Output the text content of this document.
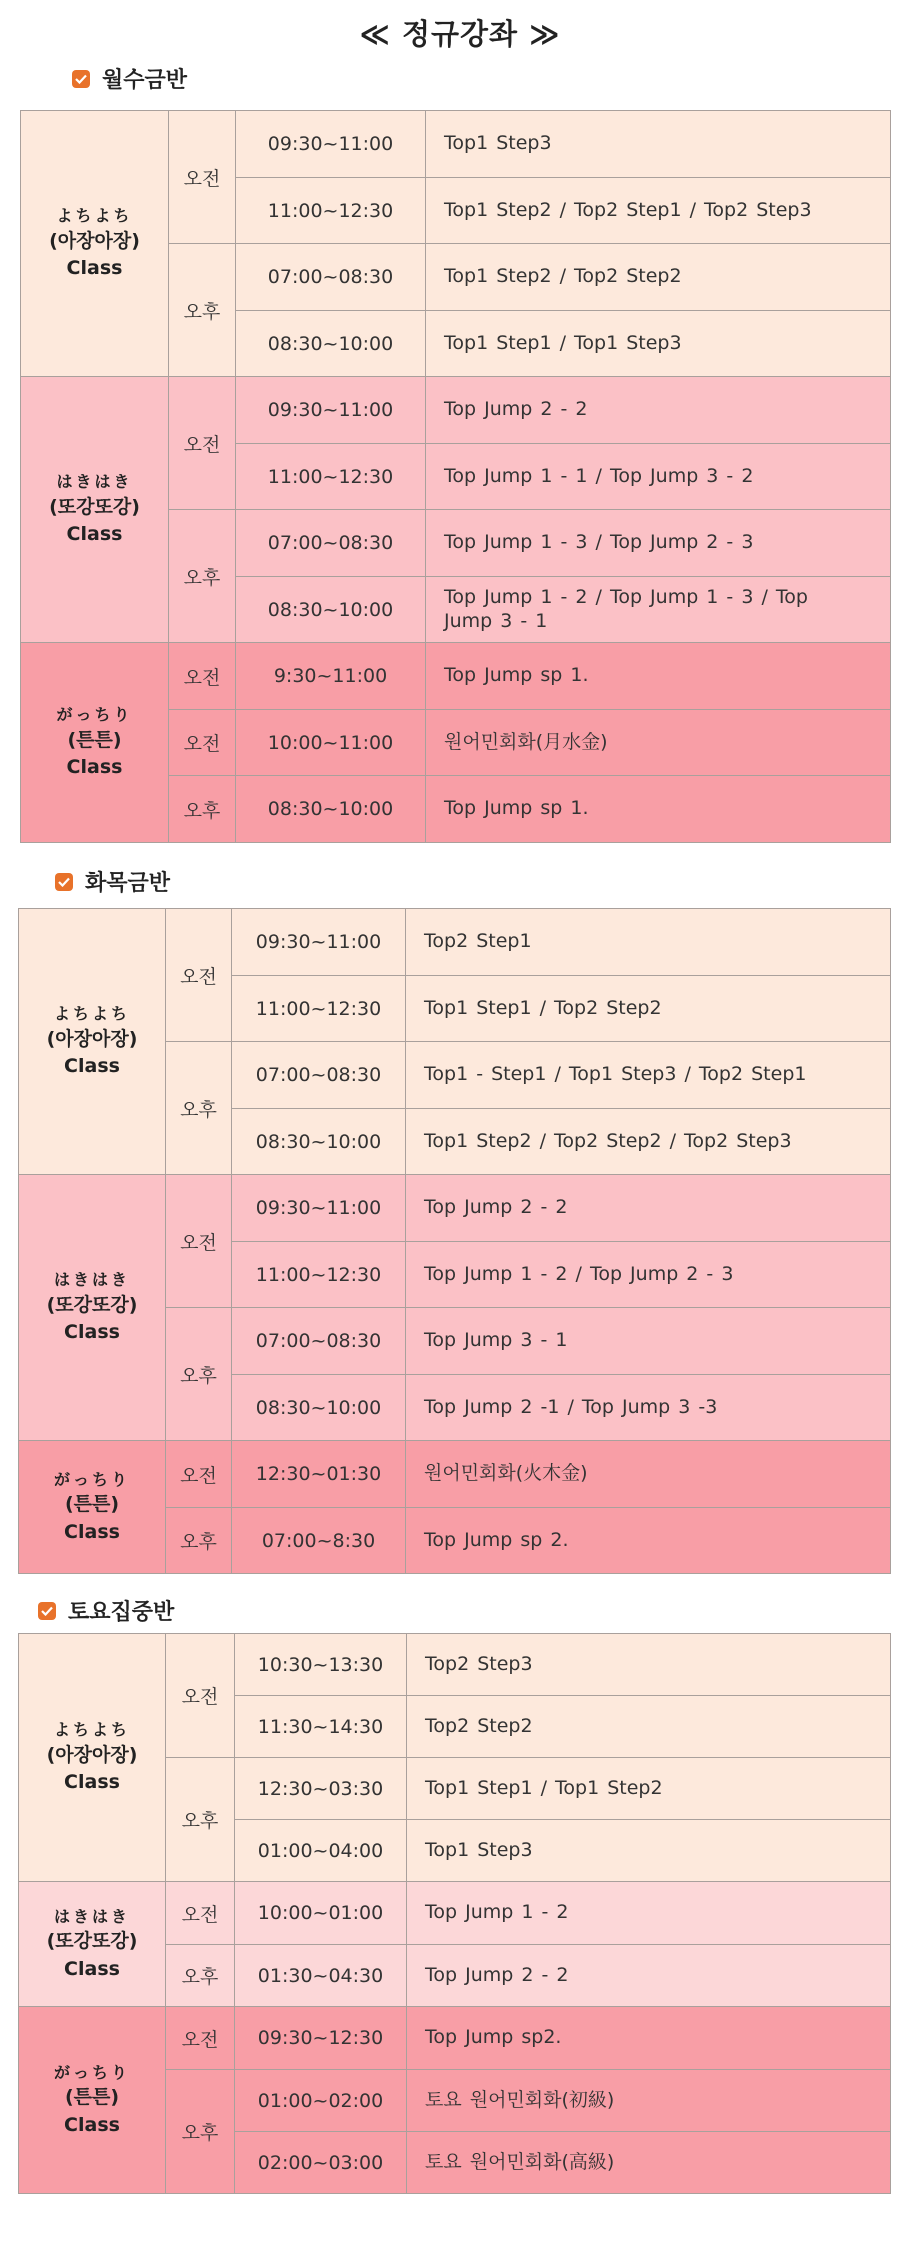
≪ 정규강좌 ≫
월수금반
よちよち
(아장아장)
Class	오전	09:30~11:00	Top1 Step3
		11:00~12:30	Top1 Step2 / Top2 Step1 / Top2 Step3
	오후	07:00~08:30	Top1 Step2 / Top2 Step2
		08:30~10:00	Top1 Step1 / Top1 Step3

はきはき
(또강또강)
Class	오전	09:30~11:00	Top Jump 2 - 2
		11:00~12:30	Top Jump 1 - 1 / Top Jump 3 - 2
	오후	07:00~08:30	Top Jump 1 - 3 / Top Jump 2 - 3
		08:30~10:00	Top Jump 1 - 2 / Top Jump 1 - 3 / Top Jump 3 - 1

がっちり
(튼튼)
Class	오전	9:30~11:00	Top Jump sp 1.
	오전	10:00~11:00	원어민회화(月水金)
	오후	08:30~10:00	Top Jump sp 1.
화목금반
よちよち
(아장아장)
Class	오전	09:30~11:00	Top2 Step1
		11:00~12:30	Top1 Step1 / Top2 Step2
	오후	07:00~08:30	Top1 - Step1 / Top1 Step3 / Top2 Step1
		08:30~10:00	Top1 Step2 / Top2 Step2 / Top2 Step3

はきはき
(또강또강)
Class	오전	09:30~11:00	Top Jump 2 - 2
		11:00~12:30	Top Jump 1 - 2 / Top Jump 2 - 3
	오후	07:00~08:30	Top Jump 3 - 1
		08:30~10:00	Top Jump 2 -1 / Top Jump 3 -3

がっちり
(튼튼)
Class	오전	12:30~01:30	원어민회화(火木金)
	오후	07:00~8:30	Top Jump sp 2.
토요집중반
よちよち
(아장아장)
Class	오전	10:30~13:30	Top2 Step3
		11:30~14:30	Top2 Step2
	오후	12:30~03:30	Top1 Step1 / Top1 Step2
		01:00~04:00	Top1 Step3

はきはき
(또강또강)
Class	오전	10:00~01:00	Top Jump 1 - 2
	오후	01:30~04:30	Top Jump 2 - 2

がっちり
(튼튼)
Class	오전	09:30~12:30	Top Jump sp2.
	오후	01:00~02:00	토요 원어민회화(初級)
		02:00~03:00	토요 원어민회화(高級)
